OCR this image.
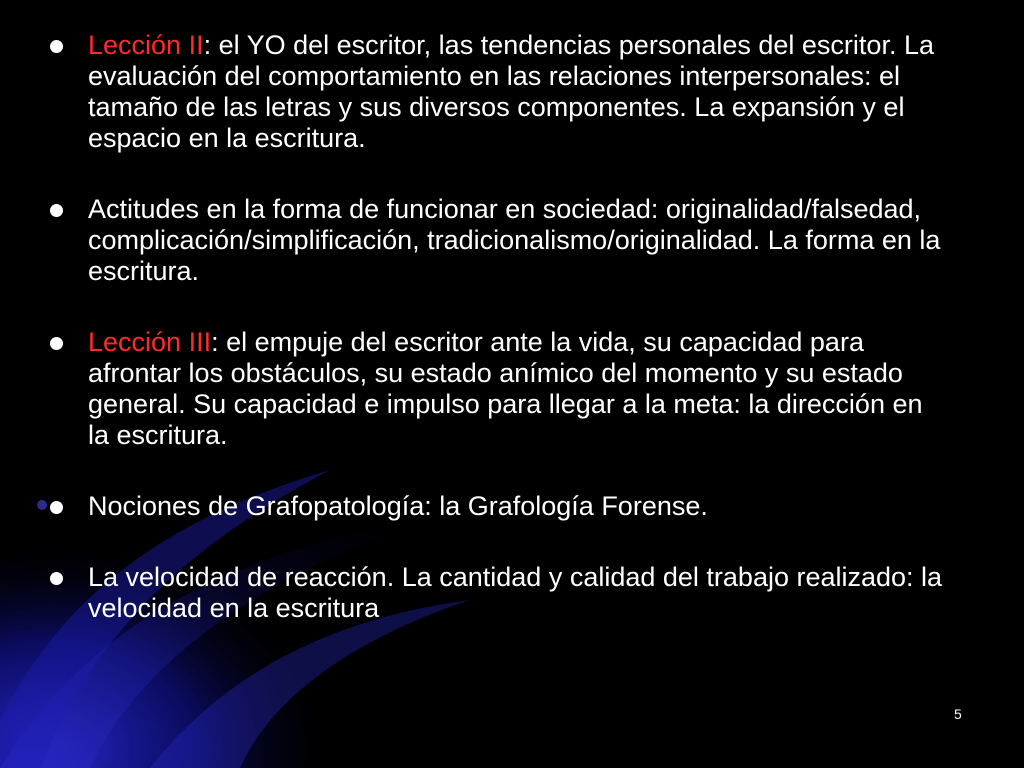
Lección II: el YO del escritor, las tendencias personales del escritor. La evaluación del comportamiento en las relaciones interpersonales: el tamaño de las letras y sus diversos componentes. La expansión y el espacio en la escritura.
Actitudes en la forma de funcionar en sociedad: originalidad/falsedad, complicación/simplificación, tradicionalismo/originalidad. La forma en la escritura.
Lección III: el empuje del escritor ante la vida, su capacidad para afrontar los obstáculos, su estado anímico del momento y su estado general. Su capacidad e impulso para llegar a la meta: la dirección en la escritura.
Nociones de Grafopatología: la Grafología Forense.
La velocidad de reacción. La cantidad y calidad del trabajo realizado: la velocidad en la escritura
5
